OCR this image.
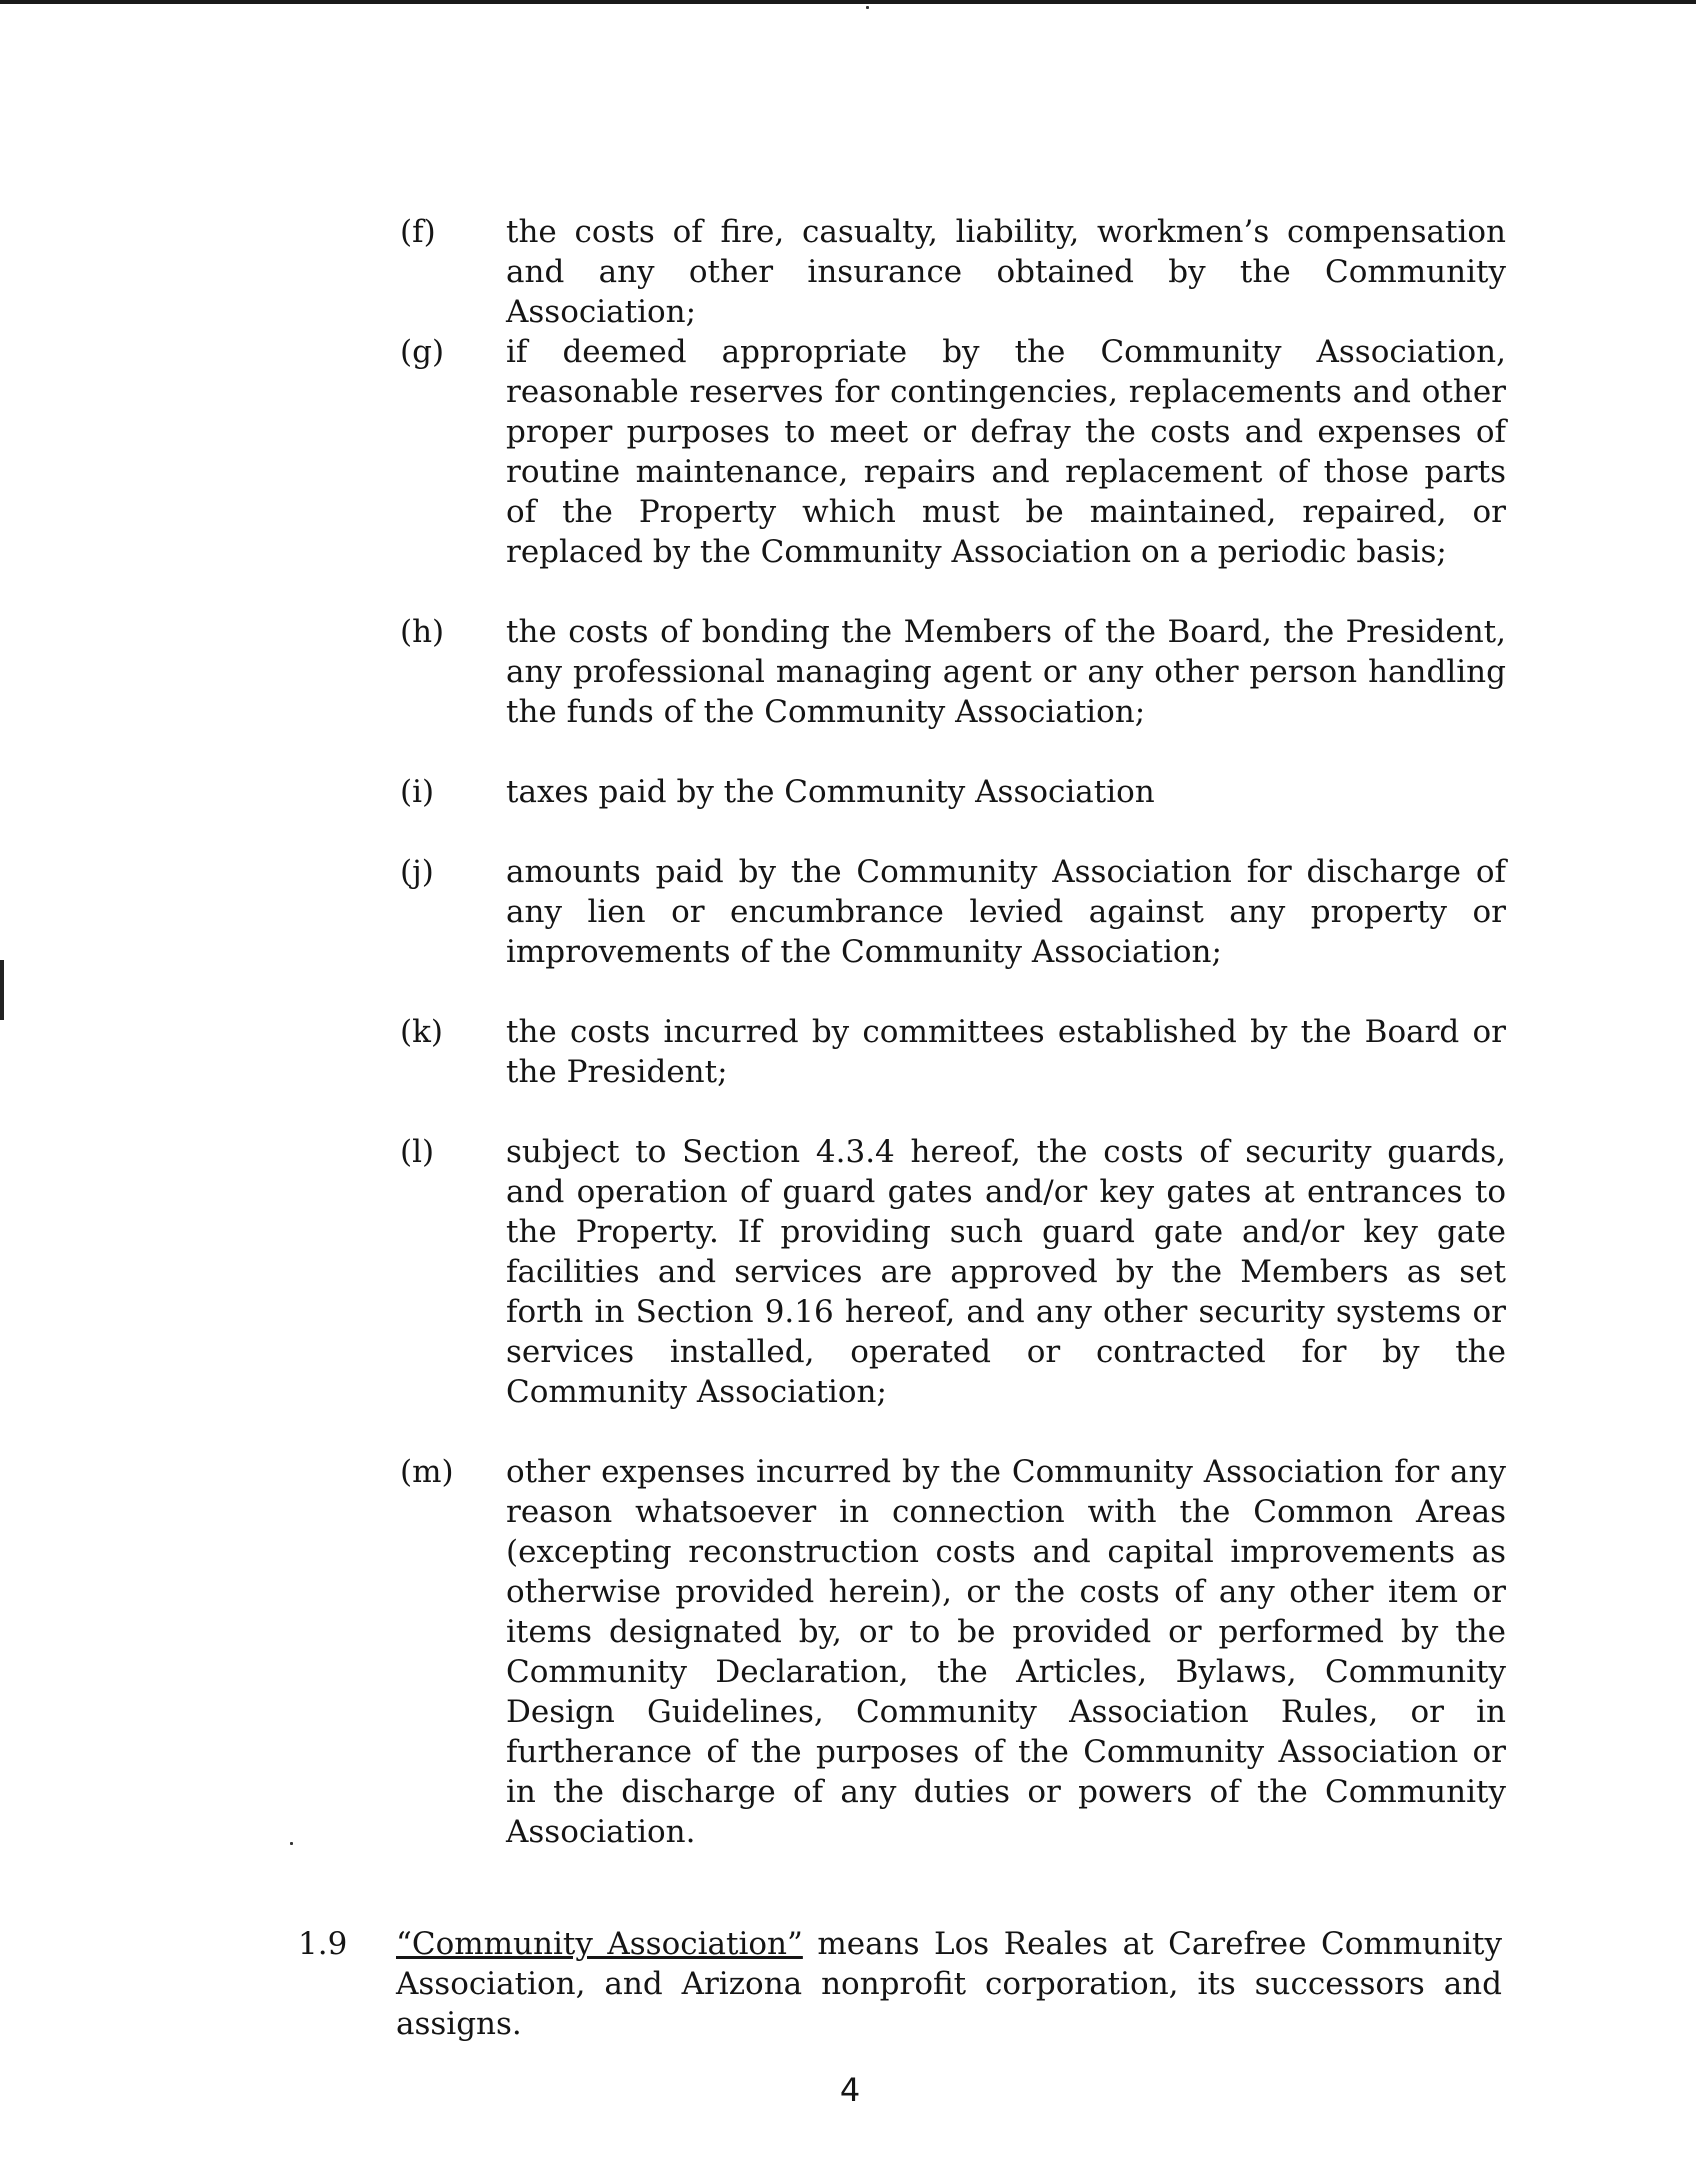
(f) the costs of fire, casualty, liability, workmen’s compensation and any other insurance obtained by the Community Association;
(g) if deemed appropriate by the Community Association, reasonable reserves for contingencies, replacements and other proper purposes to meet or defray the costs and expenses of routine maintenance, repairs and replacement of those parts of the Property which must be maintained, repaired, or replaced by the Community Association on a periodic basis;
(h) the costs of bonding the Members of the Board, the President, any professional managing agent or any other person handling the funds of the Community Association;
(i) taxes paid by the Community Association
(j) amounts paid by the Community Association for discharge of any lien or encumbrance levied against any property or improvements of the Community Association;
(k) the costs incurred by committees established by the Board or the President;
(l) subject to Section 4.3.4 hereof, the costs of security guards, and operation of guard gates and/or key gates at entrances to the Property. If providing such guard gate and/or key gate facilities and services are approved by the Members as set forth in Section 9.16 hereof, and any other security systems or services installed, operated or contracted for by the Community Association;
(m) other expenses incurred by the Community Association for any reason whatsoever in connection with the Common Areas (excepting reconstruction costs and capital improvements as otherwise provided herein), or the costs of any other item or items designated by, or to be provided or performed by the Community Declaration, the Articles, Bylaws, Community Design Guidelines, Community Association Rules, or in furtherance of the purposes of the Community Association or in the discharge of any duties or powers of the Community Association.
1.9 “Community Association” means Los Reales at Carefree Community Association, and Arizona nonprofit corporation, its successors and assigns.
4
